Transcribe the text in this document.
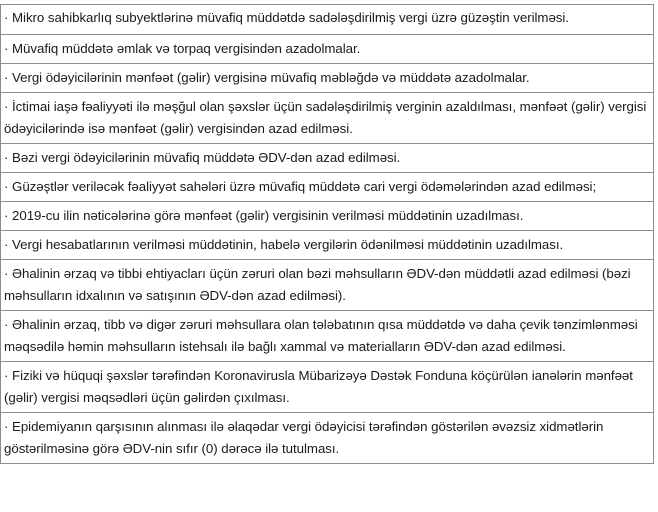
· Mikro sahibkarlıq subyektlərinə müvafiq müddətdə sadələşdirilmiş vergi üzrə güzəştin verilməsi.
· Müvafiq müddətə əmlak və torpaq vergisindən azadolmalar.
· Vergi ödəyicilərinin mənfəət (gəlir) vergisinə müvafiq məbləğdə və müddətə azadolmalar.
· İctimai iaşə fəaliyyəti ilə məşğul olan şəxslər üçün sadələşdirilmiş verginin azaldılması, mənfəət (gəlir) vergisi ödəyicilərində isə mənfəət (gəlir) vergisindən azad edilməsi.
· Bəzi vergi ödəyicilərinin müvafiq müddətə ƏDV-dən azad edilməsi.
· Güzəştlər veriləcək fəaliyyət sahələri üzrə müvafiq müddətə cari vergi ödəmələrindən azad edilməsi;
· 2019-cu ilin nəticələrinə görə mənfəət (gəlir) vergisinin verilməsi müddətinin uzadılması.
· Vergi hesabatlarının verilməsi müddətinin, habelə vergilərin ödənilməsi müddətinin uzadılması.
· Əhalinin ərzaq və tibbi ehtiyacları üçün zəruri olan bəzi məhsulların ƏDV-dən müddətli azad edilməsi (bəzi məhsulların idxalının və satışının ƏDV-dən azad edilməsi).
· Əhalinin ərzaq, tibb və digər zəruri məhsullara olan tələbatının qısa müddətdə və daha çevik tənzimlənməsi məqsədilə həmin məhsulların istehsalı ilə bağlı xammal və materialların ƏDV-dən azad edilməsi.
· Fiziki və hüquqi şəxslər tərəfindən Koronavirusla Mübarizəyə Dəstək Fonduna köçürülən ianələrin mənfəət (gəlir) vergisi məqsədləri üçün gəlirdən çıxılması.
· Epidemiyanın qarşısının alınması ilə əlaqədar vergi ödəyicisi tərəfindən göstərilən əvəzsiz xidmətlərin göstərilməsinə görə ƏDV-nin sıfır (0) dərəcə ilə tutulması.
